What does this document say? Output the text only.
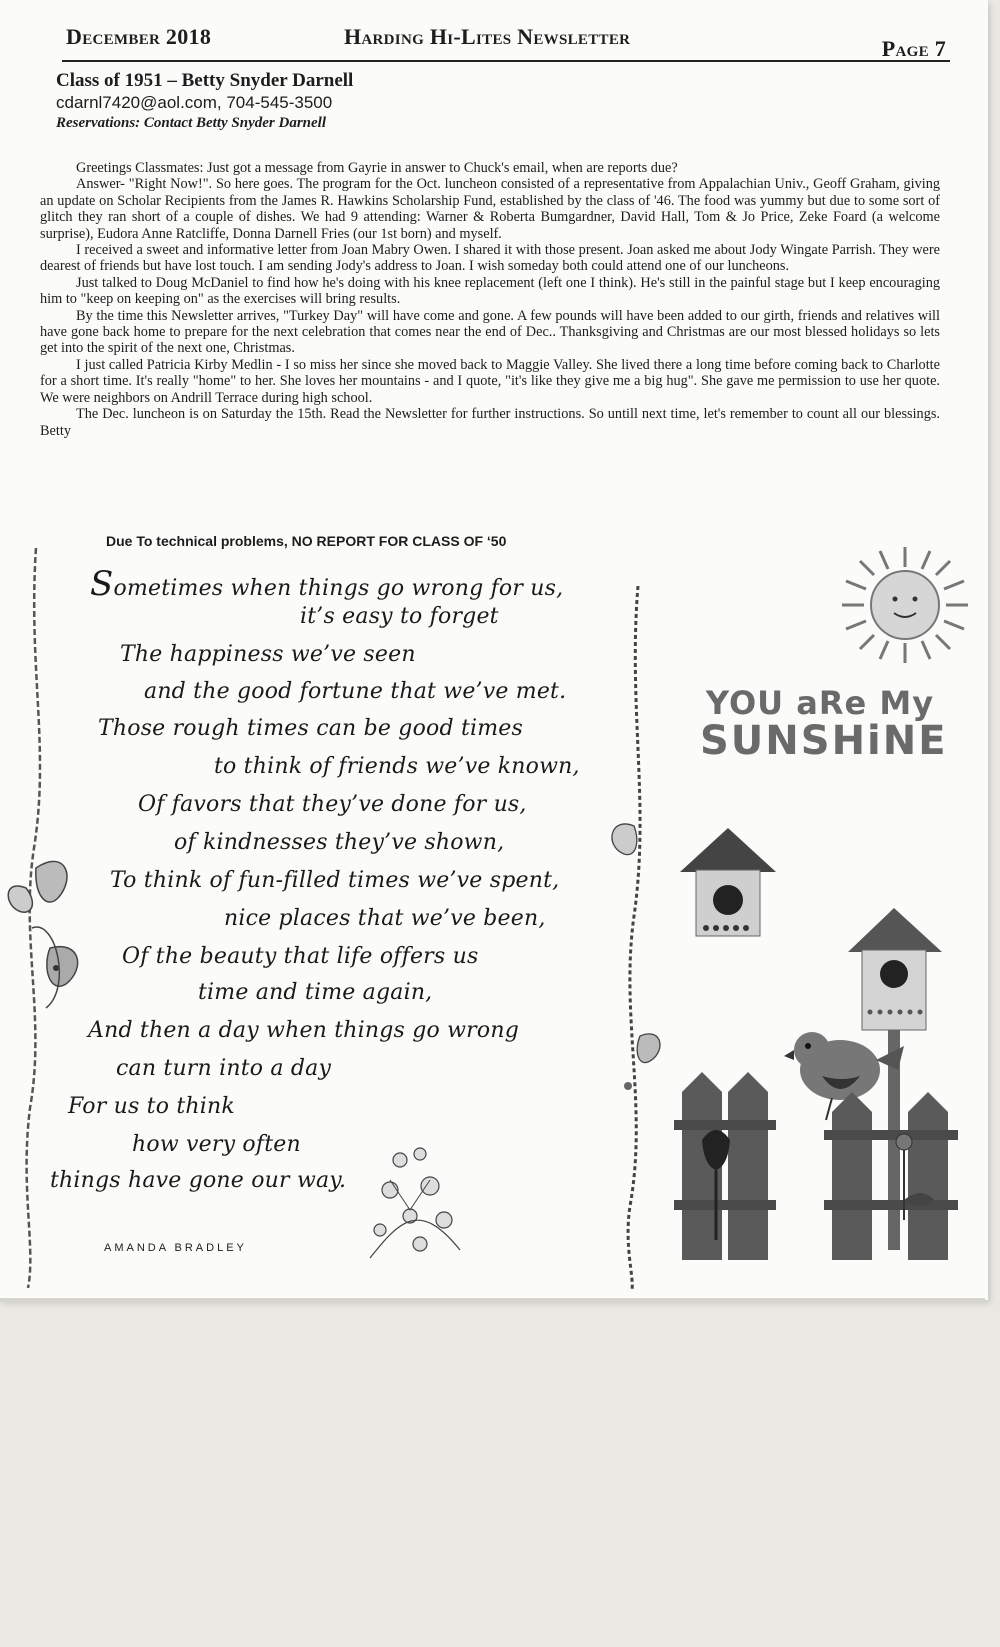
December 2018	Harding Hi-Lites Newsletter	Page 7

Class of 1951 – Betty Snyder Darnell

cdarnl7420@aol.com, 704-545-3500

Reservations: Contact Betty Snyder Darnell

Greetings Classmates: Just got a message from Gayrie in answer to Chuck's email, when are reports due?

Answer- "Right Now!". So here goes. The program for the Oct. luncheon consisted of a representative from Appalachian Univ., Geoff Graham, giving an update on Scholar Recipients from the James R. Hawkins Scholarship Fund, established by the class of '46. The food was yummy but due to some sort of glitch they ran short of a couple of dishes. We had 9 attending: Warner & Roberta Bumgardner, David Hall, Tom & Jo Price, Zeke Foard (a welcome surprise), Eudora Anne Ratcliffe, Donna Darnell Fries (our 1st born) and myself.

I received a sweet and informative letter from Joan Mabry Owen. I shared it with those present. Joan asked me about Jody Wingate Parrish. They were dearest of friends but have lost touch. I am sending Jody's address to Joan. I wish someday both could attend one of our luncheons.

Just talked to Doug McDaniel to find how he's doing with his knee replacement (left one I think). He's still in the painful stage but I keep encouraging him to "keep on keeping on" as the exercises will bring results.

By the time this Newsletter arrives, "Turkey Day" will have come and gone. A few pounds will have been added to our girth, friends and relatives will have gone back home to prepare for the next celebration that comes near the end of Dec.. Thanksgiving and Christmas are our most blessed holidays so lets get into the spirit of the next one, Christmas.

I just called Patricia Kirby Medlin - I so miss her since she moved back to Maggie Valley. She lived there a long time before coming back to Charlotte for a short time. It's really "home" to her. She loves her mountains - and I quote, "it's like they give me a big hug". She gave me permission to use her quote. We were neighbors on Andrill Terrace during high school.

The Dec. luncheon is on Saturday the 15th. Read the Newsletter for further instructions. So untill next time, let's remember to count all our blessings. Betty

Due To technical problems, NO REPORT FOR CLASS OF ‘50
Sometimes when things go wrong for us,
it’s easy to forget
The happiness we’ve seen
and the good fortune that we’ve met.
Those rough times can be good times
to think of friends we’ve known,
Of favors that they’ve done for us,
of kindnesses they’ve shown,
To think of fun-filled times we’ve spent,
nice places that we’ve been,
Of the beauty that life offers us
time and time again,
And then a day when things go wrong
can turn into a day
For us to think
how very often
things have gone our way.
AMANDA BRADLEY
YOU aRe My
SUNSHiNE
